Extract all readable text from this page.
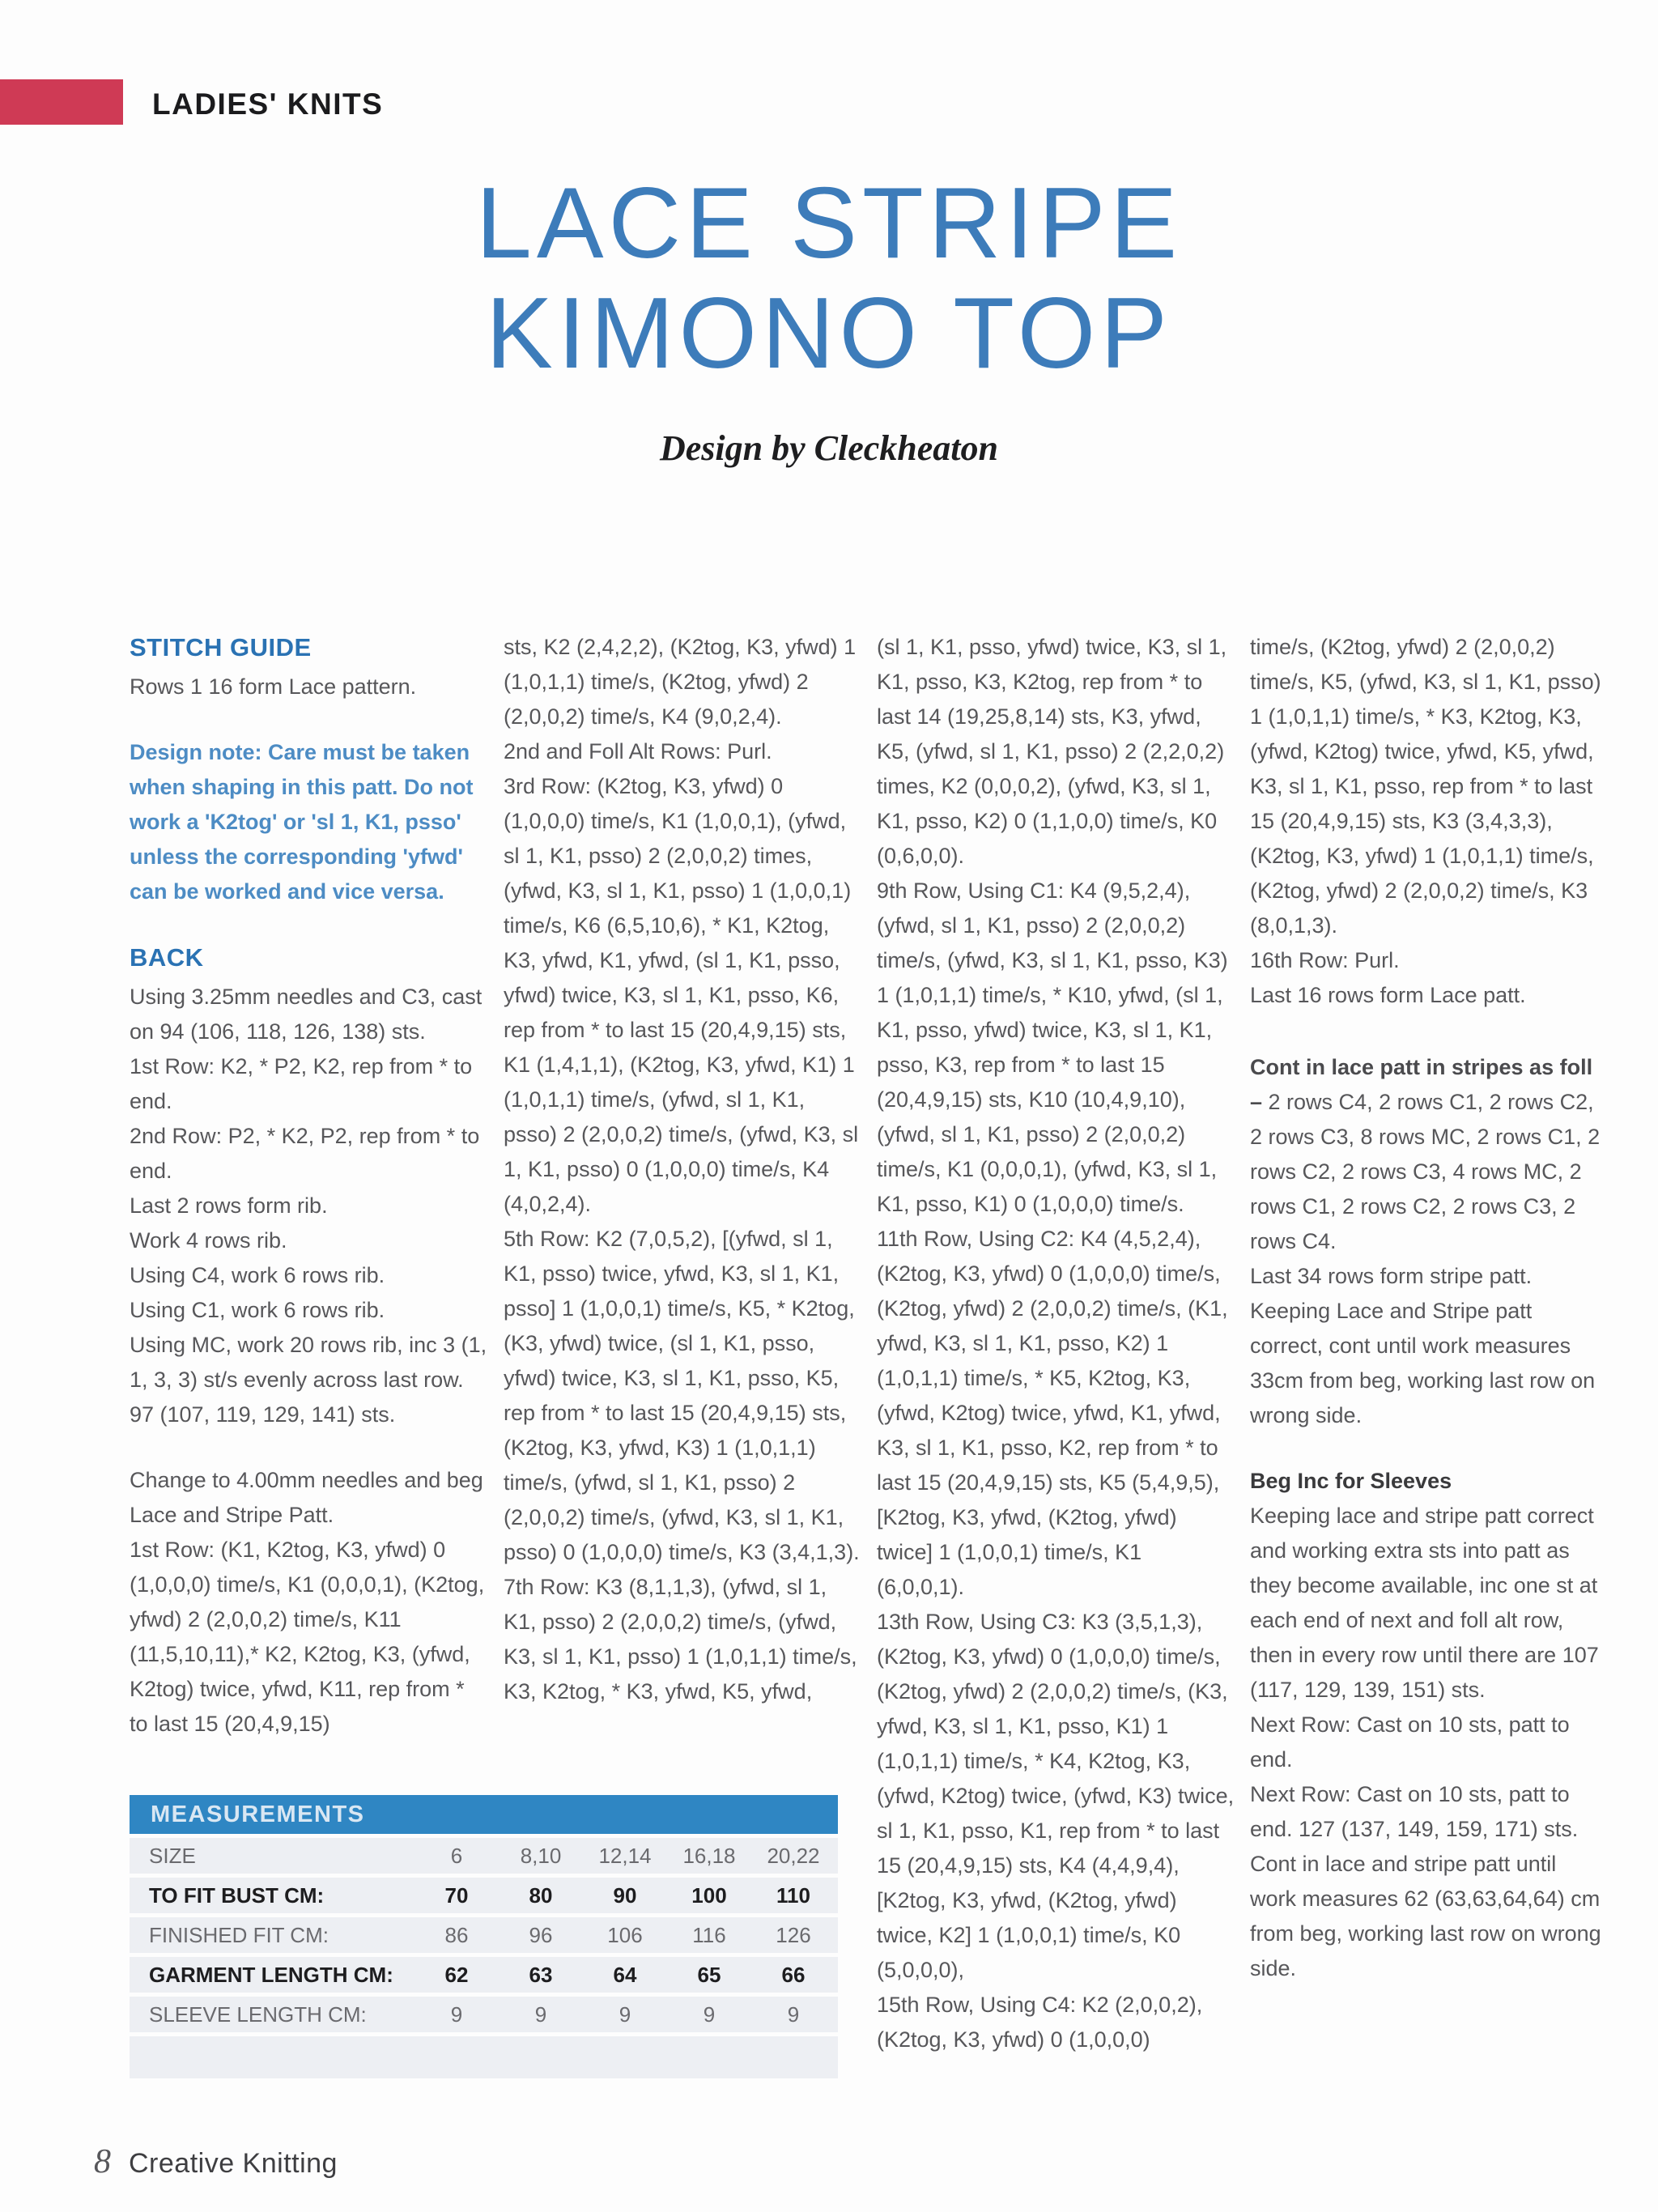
LADIES' KNITS
LACE STRIPE
KIMONO TOP
Design by Cleckheaton
STITCH GUIDE

Rows 1 16 form Lace pattern.

Design note: Care must be taken when shaping in this patt. Do not work a 'K2tog' or 'sl 1, K1, psso' unless the corresponding 'yfwd' can be worked and vice versa.

BACK

Using 3.25mm needles and C3, cast on 94 (106, 118, 126, 138) sts.

1st Row: K2, * P2, K2, rep from * to end.

2nd Row: P2, * K2, P2, rep from * to end.

Last 2 rows form rib.

Work 4 rows rib.

Using C4, work 6 rows rib.

Using C1, work 6 rows rib.

Using MC, work 20 rows rib, inc 3 (1, 1, 3, 3) st/s evenly across last row. 97 (107, 119, 129, 141) sts.

Change to 4.00mm needles and beg Lace and Stripe Patt.

1st Row: (K1, K2tog, K3, yfwd) 0 (1,0,0,0) time/s, K1 (0,0,0,1), (K2tog, yfwd) 2 (2,0,0,2) time/s, K11 (11,5,10,11),* K2, K2tog, K3, (yfwd, K2tog) twice, yfwd, K11, rep from * to last 15 (20,4,9,15)

sts, K2 (2,4,2,2), (K2tog, K3, yfwd) 1 (1,0,1,1) time/s, (K2tog, yfwd) 2 (2,0,0,2) time/s, K4 (9,0,2,4).

2nd and Foll Alt Rows: Purl.

3rd Row: (K2tog, K3, yfwd) 0 (1,0,0,0) time/s, K1 (1,0,0,1), (yfwd, sl 1, K1, psso) 2 (2,0,0,2) times, (yfwd, K3, sl 1, K1, psso) 1 (1,0,0,1) time/s, K6 (6,5,10,6), * K1, K2tog, K3, yfwd, K1, yfwd, (sl 1, K1, psso, yfwd) twice, K3, sl 1, K1, psso, K6, rep from * to last 15 (20,4,9,15) sts, K1 (1,4,1,1), (K2tog, K3, yfwd, K1) 1 (1,0,1,1) time/s, (yfwd, sl 1, K1, psso) 2 (2,0,0,2) time/s, (yfwd, K3, sl 1, K1, psso) 0 (1,0,0,0) time/s, K4 (4,0,2,4).

5th Row: K2 (7,0,5,2), [(yfwd, sl 1, K1, psso) twice, yfwd, K3, sl 1, K1, psso] 1 (1,0,0,1) time/s, K5, * K2tog, (K3, yfwd) twice, (sl 1, K1, psso, yfwd) twice, K3, sl 1, K1, psso, K5, rep from * to last 15 (20,4,9,15) sts, (K2tog, K3, yfwd, K3) 1 (1,0,1,1) time/s, (yfwd, sl 1, K1, psso) 2 (2,0,0,2) time/s, (yfwd, K3, sl 1, K1, psso) 0 (1,0,0,0) time/s, K3 (3,4,1,3).

7th Row: K3 (8,1,1,3), (yfwd, sl 1, K1, psso) 2 (2,0,0,2) time/s, (yfwd, K3, sl 1, K1, psso) 1 (1,0,1,1) time/s, K3, K2tog, * K3, yfwd, K5, yfwd,

(sl 1, K1, psso, yfwd) twice, K3, sl 1, K1, psso, K3, K2tog, rep from * to last 14 (19,25,8,14) sts, K3, yfwd, K5, (yfwd, sl 1, K1, psso) 2 (2,2,0,2) times, K2 (0,0,0,2), (yfwd, K3, sl 1, K1, psso, K2) 0 (1,1,0,0) time/s, K0 (0,6,0,0).

9th Row, Using C1: K4 (9,5,2,4), (yfwd, sl 1, K1, psso) 2 (2,0,0,2) time/s, (yfwd, K3, sl 1, K1, psso, K3) 1 (1,0,1,1) time/s, * K10, yfwd, (sl 1, K1, psso, yfwd) twice, K3, sl 1, K1, psso, K3, rep from * to last 15 (20,4,9,15) sts, K10 (10,4,9,10), (yfwd, sl 1, K1, psso) 2 (2,0,0,2) time/s, K1 (0,0,0,1), (yfwd, K3, sl 1, K1, psso, K1) 0 (1,0,0,0) time/s.

11th Row, Using C2: K4 (4,5,2,4), (K2tog, K3, yfwd) 0 (1,0,0,0) time/s, (K2tog, yfwd) 2 (2,0,0,2) time/s, (K1, yfwd, K3, sl 1, K1, psso, K2) 1 (1,0,1,1) time/s, * K5, K2tog, K3, (yfwd, K2tog) twice, yfwd, K1, yfwd, K3, sl 1, K1, psso, K2, rep from * to last 15 (20,4,9,15) sts, K5 (5,4,9,5), [K2tog, K3, yfwd, (K2tog, yfwd) twice] 1 (1,0,0,1) time/s, K1 (6,0,0,1).

13th Row, Using C3: K3 (3,5,1,3), (K2tog, K3, yfwd) 0 (1,0,0,0) time/s, (K2tog, yfwd) 2 (2,0,0,2) time/s, (K3, yfwd, K3, sl 1, K1, psso, K1) 1 (1,0,1,1) time/s, * K4, K2tog, K3, (yfwd, K2tog) twice, (yfwd, K3) twice, sl 1, K1, psso, K1, rep from * to last 15 (20,4,9,15) sts, K4 (4,4,9,4), [K2tog, K3, yfwd, (K2tog, yfwd) twice, K2] 1 (1,0,0,1) time/s, K0 (5,0,0,0),

15th Row, Using C4: K2 (2,0,0,2), (K2tog, K3, yfwd) 0 (1,0,0,0)

time/s, (K2tog, yfwd) 2 (2,0,0,2) time/s, K5, (yfwd, K3, sl 1, K1, psso) 1 (1,0,1,1) time/s, * K3, K2tog, K3, (yfwd, K2tog) twice, yfwd, K5, yfwd, K3, sl 1, K1, psso, rep from * to last 15 (20,4,9,15) sts, K3 (3,4,3,3), (K2tog, K3, yfwd) 1 (1,0,1,1) time/s, (K2tog, yfwd) 2 (2,0,0,2) time/s, K3 (8,0,1,3).

16th Row: Purl.

Last 16 rows form Lace patt.

Cont in lace patt in stripes as foll – 2 rows C4, 2 rows C1, 2 rows C2, 2 rows C3, 8 rows MC, 2 rows C1, 2 rows C2, 2 rows C3, 4 rows MC, 2 rows C1, 2 rows C2, 2 rows C3, 2 rows C4.

Last 34 rows form stripe patt.

Keeping Lace and Stripe patt correct, cont until work measures 33cm from beg, working last row on wrong side.

Beg Inc for Sleeves

Keeping lace and stripe patt correct and working extra sts into patt as they become available, inc one st at each end of next and foll alt row, then in every row until there are 107 (117, 129, 139, 151) sts.

Next Row: Cast on 10 sts, patt to end.

Next Row: Cast on 10 sts, patt to end. 127 (137, 149, 159, 171) sts.

Cont in lace and stripe patt until work measures 62 (63,63,64,64) cm from beg, working last row on wrong side.

MEASUREMENTS
SIZE	6	8,10	12,14	16,18	20,22
TO FIT BUST CM:	70	80	90	100	110
FINISHED FIT CM:	86	96	106	116	126
GARMENT LENGTH CM:	62	63	64	65	66
SLEEVE LENGTH CM:	9	9	9	9	9
8 Creative Knitting
